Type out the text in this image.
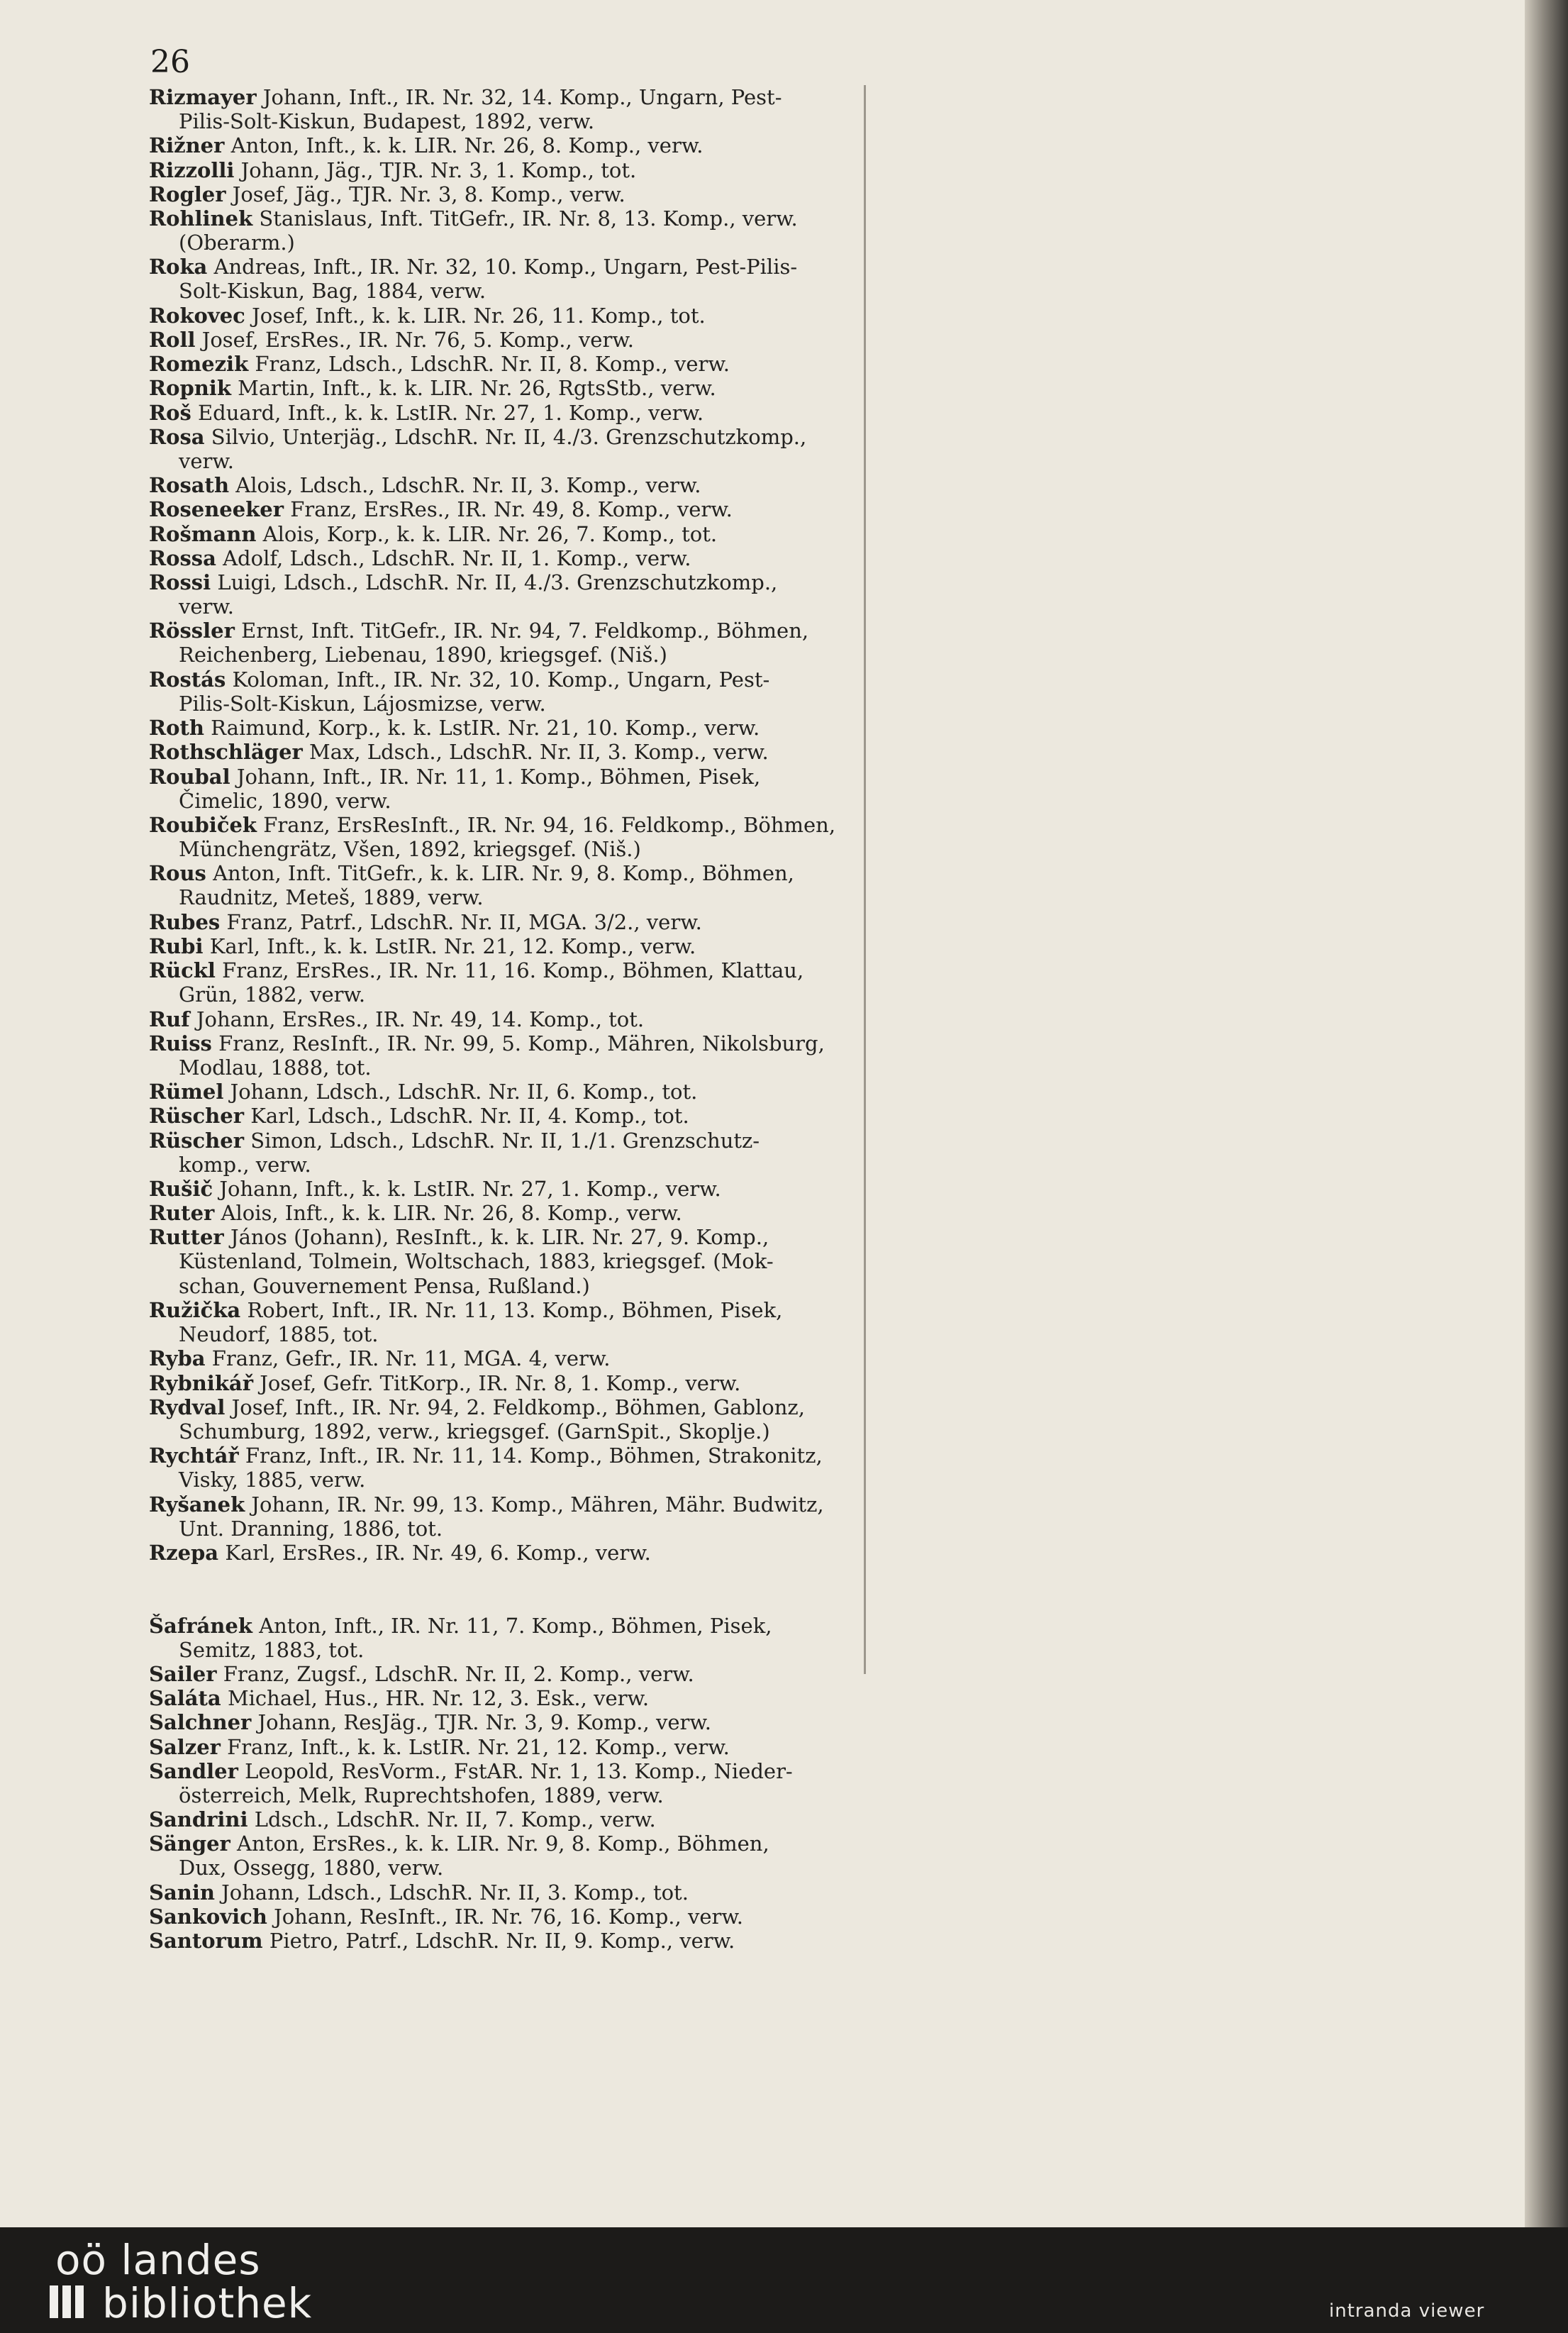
26
Rizmayer Johann, Inft., IR. Nr. 32, 14. Komp., Ungarn, Pest-
Pilis-Solt-Kiskun, Budapest, 1892, verw.
Rižner Anton, Inft., k. k. LIR. Nr. 26, 8. Komp., verw.
Rizzolli Johann, Jäg., TJR. Nr. 3, 1. Komp., tot.
Rogler Josef, Jäg., TJR. Nr. 3, 8. Komp., verw.
Rohlinek Stanislaus, Inft. TitGefr., IR. Nr. 8, 13. Komp., verw.
(Oberarm.)
Roka Andreas, Inft., IR. Nr. 32, 10. Komp., Ungarn, Pest-Pilis-
Solt-Kiskun, Bag, 1884, verw.
Rokovec Josef, Inft., k. k. LIR. Nr. 26, 11. Komp., tot.
Roll Josef, ErsRes., IR. Nr. 76, 5. Komp., verw.
Romezik Franz, Ldsch., LdschR. Nr. II, 8. Komp., verw.
Ropnik Martin, Inft., k. k. LIR. Nr. 26, RgtsStb., verw.
Roš Eduard, Inft., k. k. LstIR. Nr. 27, 1. Komp., verw.
Rosa Silvio, Unterjäg., LdschR. Nr. II, 4./3. Grenzschutzkomp.,
verw.
Rosath Alois, Ldsch., LdschR. Nr. II, 3. Komp., verw.
Roseneeker Franz, ErsRes., IR. Nr. 49, 8. Komp., verw.
Rošmann Alois, Korp., k. k. LIR. Nr. 26, 7. Komp., tot.
Rossa Adolf, Ldsch., LdschR. Nr. II, 1. Komp., verw.
Rossi Luigi, Ldsch., LdschR. Nr. II, 4./3. Grenzschutzkomp.,
verw.
Rössler Ernst, Inft. TitGefr., IR. Nr. 94, 7. Feldkomp., Böhmen,
Reichenberg, Liebenau, 1890, kriegsgef. (Niš.)
Rostás Koloman, Inft., IR. Nr. 32, 10. Komp., Ungarn, Pest-
Pilis-Solt-Kiskun, Lájosmizse, verw.
Roth Raimund, Korp., k. k. LstIR. Nr. 21, 10. Komp., verw.
Rothschläger Max, Ldsch., LdschR. Nr. II, 3. Komp., verw.
Roubal Johann, Inft., IR. Nr. 11, 1. Komp., Böhmen, Pisek,
Čimelic, 1890, verw.
Roubiček Franz, ErsResInft., IR. Nr. 94, 16. Feldkomp., Böhmen,
Münchengrätz, Všen, 1892, kriegsgef. (Niš.)
Rous Anton, Inft. TitGefr., k. k. LIR. Nr. 9, 8. Komp., Böhmen,
Raudnitz, Meteš, 1889, verw.
Rubes Franz, Patrf., LdschR. Nr. II, MGA. 3/2., verw.
Rubi Karl, Inft., k. k. LstIR. Nr. 21, 12. Komp., verw.
Rückl Franz, ErsRes., IR. Nr. 11, 16. Komp., Böhmen, Klattau,
Grün, 1882, verw.
Ruf Johann, ErsRes., IR. Nr. 49, 14. Komp., tot.
Ruiss Franz, ResInft., IR. Nr. 99, 5. Komp., Mähren, Nikolsburg,
Modlau, 1888, tot.
Rümel Johann, Ldsch., LdschR. Nr. II, 6. Komp., tot.
Rüscher Karl, Ldsch., LdschR. Nr. II, 4. Komp., tot.
Rüscher Simon, Ldsch., LdschR. Nr. II, 1./1. Grenzschutz-
komp., verw.
Rušič Johann, Inft., k. k. LstIR. Nr. 27, 1. Komp., verw.
Ruter Alois, Inft., k. k. LIR. Nr. 26, 8. Komp., verw.
Rutter János (Johann), ResInft., k. k. LIR. Nr. 27, 9. Komp.,
Küstenland, Tolmein, Woltschach, 1883, kriegsgef. (Mok-
schan, Gouvernement Pensa, Rußland.)
Ružička Robert, Inft., IR. Nr. 11, 13. Komp., Böhmen, Pisek,
Neudorf, 1885, tot.
Ryba Franz, Gefr., IR. Nr. 11, MGA. 4, verw.
Rybnikář Josef, Gefr. TitKorp., IR. Nr. 8, 1. Komp., verw.
Rydval Josef, Inft., IR. Nr. 94, 2. Feldkomp., Böhmen, Gablonz,
Schumburg, 1892, verw., kriegsgef. (GarnSpit., Skoplje.)
Rychtář Franz, Inft., IR. Nr. 11, 14. Komp., Böhmen, Strakonitz,
Visky, 1885, verw.
Ryšanek Johann, IR. Nr. 99, 13. Komp., Mähren, Mähr. Budwitz,
Unt. Dranning, 1886, tot.
Rzepa Karl, ErsRes., IR. Nr. 49, 6. Komp., verw.
Šafránek Anton, Inft., IR. Nr. 11, 7. Komp., Böhmen, Pisek,
Semitz, 1883, tot.
Sailer Franz, Zugsf., LdschR. Nr. II, 2. Komp., verw.
Saláta Michael, Hus., HR. Nr. 12, 3. Esk., verw.
Salchner Johann, ResJäg., TJR. Nr. 3, 9. Komp., verw.
Salzer Franz, Inft., k. k. LstIR. Nr. 21, 12. Komp., verw.
Sandler Leopold, ResVorm., FstAR. Nr. 1, 13. Komp., Nieder-
österreich, Melk, Ruprechtshofen, 1889, verw.
Sandrini Ldsch., LdschR. Nr. II, 7. Komp., verw.
Sänger Anton, ErsRes., k. k. LIR. Nr. 9, 8. Komp., Böhmen,
Dux, Ossegg, 1880, verw.
Sanin Johann, Ldsch., LdschR. Nr. II, 3. Komp., tot.
Sankovich Johann, ResInft., IR. Nr. 76, 16. Komp., verw.
Santorum Pietro, Patrf., LdschR. Nr. II, 9. Komp., verw.
oö landes
bibliothek	intranda viewer
